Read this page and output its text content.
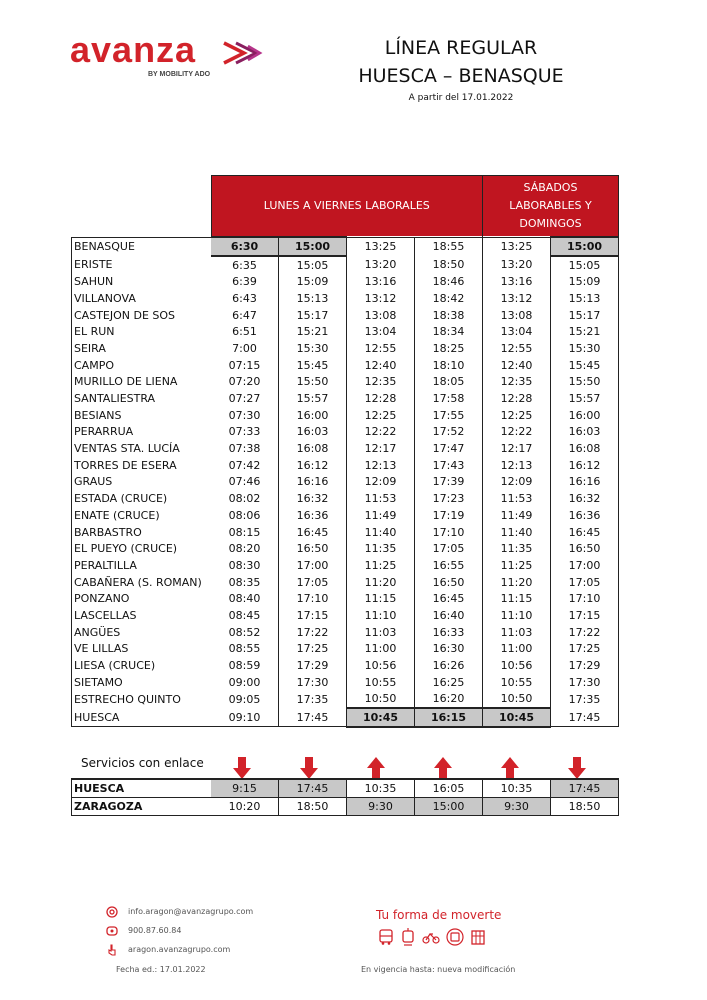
avanza
BY MOBILITY ADO
LÍNEA REGULAR
HUESCA – BENASQUE
A partir del 17.01.2022
	LUNES A VIERNES LABORALES				SÁBADOS
LABORABLES Y
DOMINGOS	
BENASQUE	6:30	15:00	13:25	18:55	13:25	15:00
ERISTE	6:35	15:05	13:20	18:50	13:20	15:05
SAHUN	6:39	15:09	13:16	18:46	13:16	15:09
VILLANOVA	6:43	15:13	13:12	18:42	13:12	15:13
CASTEJON DE SOS	6:47	15:17	13:08	18:38	13:08	15:17
EL RUN	6:51	15:21	13:04	18:34	13:04	15:21
SEIRA	7:00	15:30	12:55	18:25	12:55	15:30
CAMPO	07:15	15:45	12:40	18:10	12:40	15:45
MURILLO DE LIENA	07:20	15:50	12:35	18:05	12:35	15:50
SANTALIESTRA	07:27	15:57	12:28	17:58	12:28	15:57
BESIANS	07:30	16:00	12:25	17:55	12:25	16:00
PERARRUA	07:33	16:03	12:22	17:52	12:22	16:03
VENTAS STA. LUCÍA	07:38	16:08	12:17	17:47	12:17	16:08
TORRES DE ESERA	07:42	16:12	12:13	17:43	12:13	16:12
GRAUS	07:46	16:16	12:09	17:39	12:09	16:16
ESTADA (CRUCE)	08:02	16:32	11:53	17:23	11:53	16:32
ENATE (CRUCE)	08:06	16:36	11:49	17:19	11:49	16:36
BARBASTRO	08:15	16:45	11:40	17:10	11:40	16:45
EL PUEYO (CRUCE)	08:20	16:50	11:35	17:05	11:35	16:50
PERALTILLA	08:30	17:00	11:25	16:55	11:25	17:00
CABAÑERA (S. ROMAN)	08:35	17:05	11:20	16:50	11:20	17:05
PONZANO	08:40	17:10	11:15	16:45	11:15	17:10
LASCELLAS	08:45	17:15	11:10	16:40	11:10	17:15
ANGÜES	08:52	17:22	11:03	16:33	11:03	17:22
VE LILLAS	08:55	17:25	11:00	16:30	11:00	17:25
LIESA (CRUCE)	08:59	17:29	10:56	16:26	10:56	17:29
SIETAMO	09:00	17:30	10:55	16:25	10:55	17:30
ESTRECHO QUINTO	09:05	17:35	10:50	16:20	10:50	17:35
HUESCA	09:10	17:45	10:45	16:15	10:45	17:45
Servicios con enlace
HUESCA	9:15	17:45	10:35	16:05	10:35	17:45
ZARAGOZA	10:20	18:50	9:30	15:00	9:30	18:50
info.aragon@avanzagrupo.com
900.87.60.84
aragon.avanzagrupo.com
Tu forma de moverte
Fecha ed.: 17.01.2022	En vigencia hasta: nueva modificación
